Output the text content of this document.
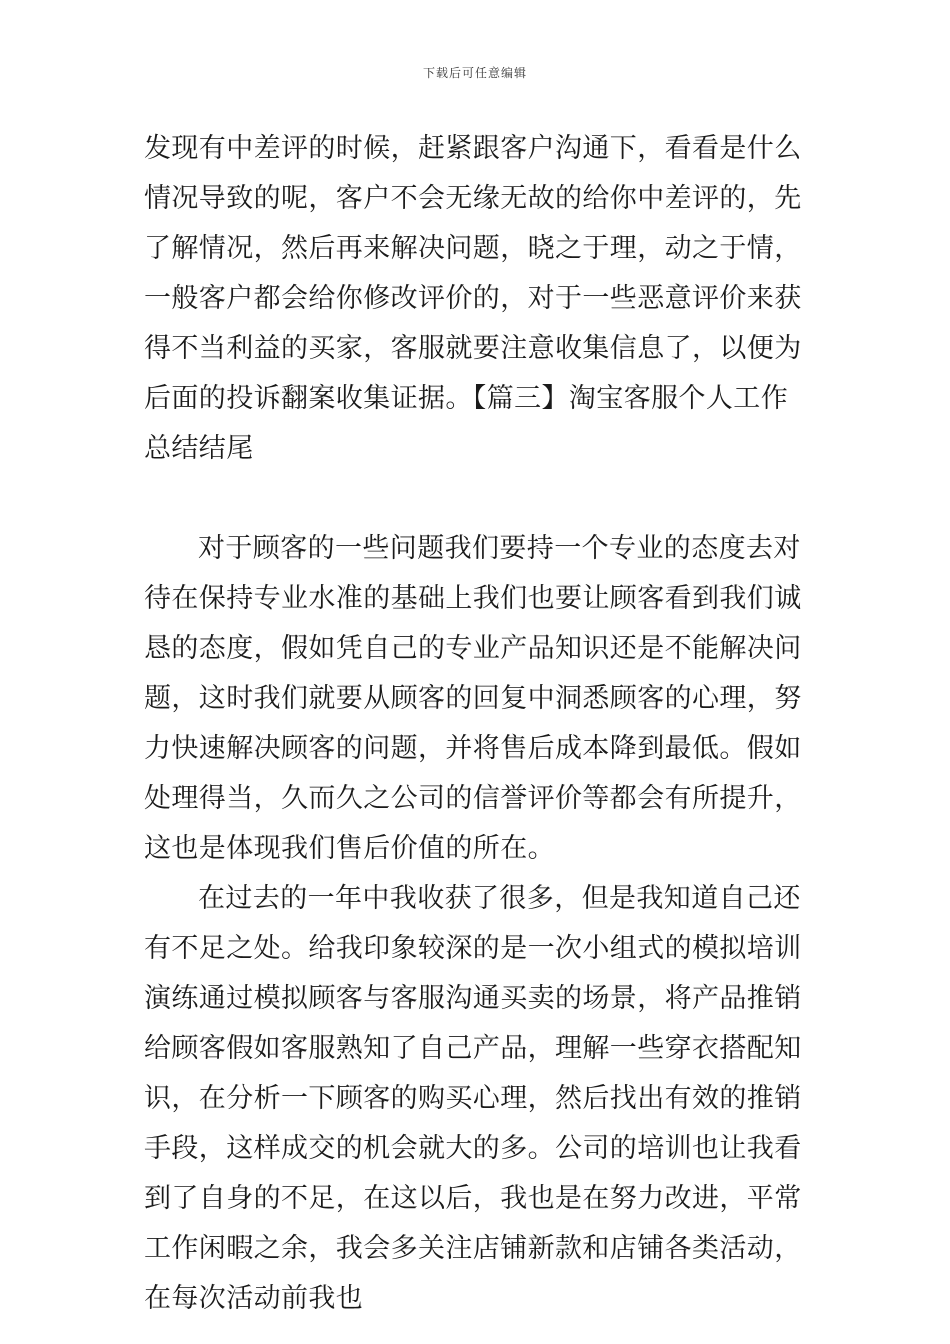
下载后可任意编辑

发现有中差评的时候，赶紧跟客户沟通下，看看是什么情况导致的呢，客户不会无缘无故的给你中差评的，先了解情况，然后再来解决问题，晓之于理，动之于情，一般客户都会给你修改评价的，对于一些恶意评价来获得不当利益的买家，客服就要注意收集信息了，以便为后面的投诉翻案收集证据。【篇三】淘宝客服个人工作总结结尾

对于顾客的一些问题我们要持一个专业的态度去对待在保持专业水准的基础上我们也要让顾客看到我们诚恳的态度，假如凭自己的专业产品知识还是不能解决问题，这时我们就要从顾客的回复中洞悉顾客的心理，努力快速解决顾客的问题，并将售后成本降到最低。假如处理得当，久而久之公司的信誉评价等都会有所提升，这也是体现我们售后价值的所在。

在过去的一年中我收获了很多，但是我知道自己还有不足之处。给我印象较深的是一次小组式的模拟培训演练通过模拟顾客与客服沟通买卖的场景，将产品推销给顾客假如客服熟知了自己产品，理解一些穿衣搭配知识，在分析一下顾客的购买心理，然后找出有效的推销手段，这样成交的机会就大的多。公司的培训也让我看到了自身的不足，在这以后，我也是在努力改进，平常工作闲暇之余，我会多关注店铺新款和店铺各类活动，在每次活动前我也
